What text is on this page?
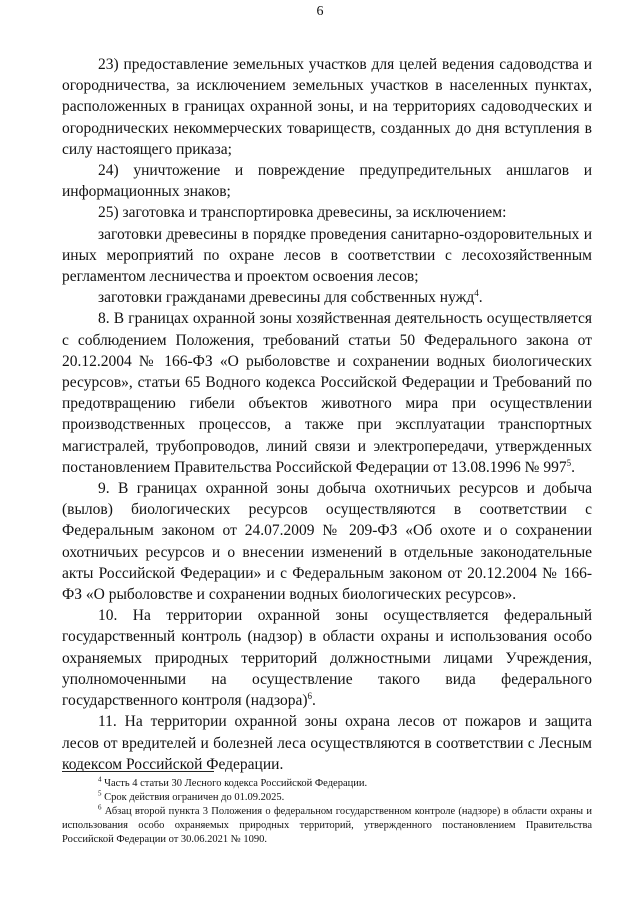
6

23) предоставление земельных участков для целей ведения садоводства и огородничества, за исключением земельных участков в населенных пунктах, расположенных в границах охранной зоны, и на территориях садоводческих и огороднических некоммерческих товариществ, созданных до дня вступления в силу настоящего приказа;

24) уничтожение и повреждение предупредительных аншлагов и информационных знаков;

25) заготовка и транспортировка древесины, за исключением:

заготовки древесины в порядке проведения санитарно-оздоровительных и иных мероприятий по охране лесов в соответствии с лесохозяйственным регламентом лесничества и проектом освоения лесов;

заготовки гражданами древесины для собственных нужд$^4$.

8. В границах охранной зоны хозяйственная деятельность осуществляется с соблюдением Положения, требований статьи 50 Федерального закона от 20.12.2004 № 166-ФЗ «О рыболовстве и сохранении водных биологических ресурсов», статьи 65 Водного кодекса Российской Федерации и Требований по предотвращению гибели объектов животного мира при осуществлении производственных процессов, а также при эксплуатации транспортных магистралей, трубопроводов, линий связи и электропередачи, утвержденных постановлением Правительства Российской Федерации от 13.08.1996 № $997^5$.

9. В границах охранной зоны добыча охотничьих ресурсов и добыча (вылов) биологических ресурсов осуществляются в соответствии с Федеральным законом от 24.07.2009 № 209-ФЗ «Об охоте и о сохранении охотничьих ресурсов и о внесении изменений в отдельные законодательные акты Российской Федерации» и с Федеральным законом от 20.12.2004 № 166-ФЗ «О рыболовстве и сохранении водных биологических ресурсов».

10. На территории охранной зоны осуществляется федеральный государственный контроль (надзор) в области охраны и использования особо охраняемых природных территорий должностными лицами Учреждения, уполномоченными на осуществление такого вида федерального государственного контроля (надзора)$^6$.

11. На территории охранной зоны охрана лесов от пожаров и защита лесов от вредителей и болезней леса осуществляются в соответствии с Лесным кодексом Российской Федерации.

$^4$ Часть 4 статьи 30 Лесного кодекса Российской Федерации.

$^5$ Срок действия ограничен до 01.09.2025.

$^6$ Абзац второй пункта 3 Положения о федеральном государственном контроле (надзоре) в области охраны и использования особо охраняемых природных территорий, утвержденного постановлением Правительства Российской Федерации от 30.06.2021 № 1090.
